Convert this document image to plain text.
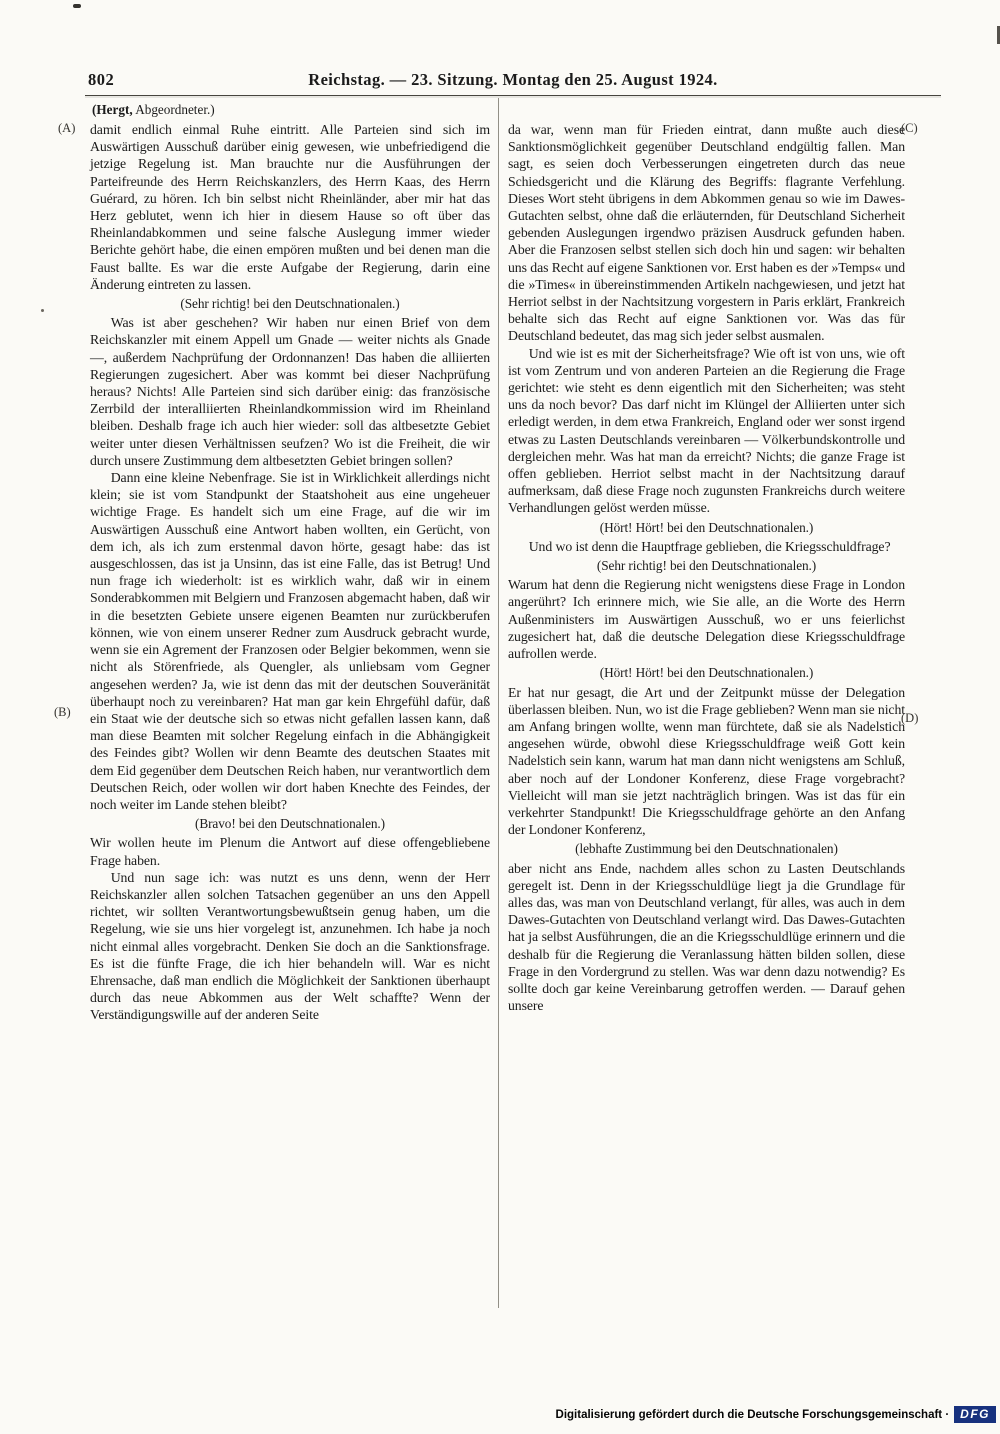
802	Reichstag. — 23. Sitzung. Montag den 25. August 1924.
(Hergt, Abgeordneter.)
(A)
(B)
(C)
(D)

damit endlich einmal Ruhe eintritt. Alle Parteien sind sich im Auswärtigen Ausschuß darüber einig gewesen, wie unbefriedigend die jetzige Regelung ist. Man brauchte nur die Ausführungen der Parteifreunde des Herrn Reichskanzlers, des Herrn Kaas, des Herrn Guérard, zu hören. Ich bin selbst nicht Rheinländer, aber mir hat das Herz geblutet, wenn ich hier in diesem Hause so oft über das Rheinlandabkommen und seine falsche Auslegung immer wieder Berichte gehört habe, die einen empören mußten und bei denen man die Faust ballte. Es war die erste Aufgabe der Regierung, darin eine Änderung eintreten zu lassen.

(Sehr richtig! bei den Deutschnationalen.)

Was ist aber geschehen? Wir haben nur einen Brief von dem Reichskanzler mit einem Appell um Gnade — weiter nichts als Gnade —, außerdem Nachprüfung der Ordonnanzen! Das haben die alliierten Regierungen zugesichert. Aber was kommt bei dieser Nachprüfung heraus? Nichts! Alle Parteien sind sich darüber einig: das französische Zerrbild der interalliierten Rheinlandkommission wird im Rheinland bleiben. Deshalb frage ich auch hier wieder: soll das altbesetzte Gebiet weiter unter diesen Verhältnissen seufzen? Wo ist die Freiheit, die wir durch unsere Zustimmung dem altbesetzten Gebiet bringen sollen?

Dann eine kleine Nebenfrage. Sie ist in Wirklichkeit allerdings nicht klein; sie ist vom Standpunkt der Staatshoheit aus eine ungeheuer wichtige Frage. Es handelt sich um eine Frage, auf die wir im Auswärtigen Ausschuß eine Antwort haben wollten, ein Gerücht, von dem ich, als ich zum erstenmal davon hörte, gesagt habe: das ist ausgeschlossen, das ist ja Unsinn, das ist eine Falle, das ist Betrug! Und nun frage ich wiederholt: ist es wirklich wahr, daß wir in einem Sonderabkommen mit Belgiern und Franzosen abgemacht haben, daß wir in die besetzten Gebiete unsere eigenen Beamten nur zurückberufen können, wie von einem unserer Redner zum Ausdruck gebracht wurde, wenn sie ein Agrement der Franzosen oder Belgier bekommen, wenn sie nicht als Störenfriede, als Quengler, als unliebsam vom Gegner angesehen werden? Ja, wie ist denn das mit der deutschen Souveränität überhaupt noch zu vereinbaren? Hat man gar kein Ehrgefühl dafür, daß ein Staat wie der deutsche sich so etwas nicht gefallen lassen kann, daß man diese Beamten mit solcher Regelung einfach in die Abhängigkeit des Feindes gibt? Wollen wir denn Beamte des deutschen Staates mit dem Eid gegenüber dem Deutschen Reich haben, nur verantwortlich dem Deutschen Reich, oder wollen wir dort haben Knechte des Feindes, der noch weiter im Lande stehen bleibt?

(Bravo! bei den Deutschnationalen.)

Wir wollen heute im Plenum die Antwort auf diese offengebliebene Frage haben.

Und nun sage ich: was nutzt es uns denn, wenn der Herr Reichskanzler allen solchen Tatsachen gegenüber an uns den Appell richtet, wir sollten Verantwortungsbewußtsein genug haben, um die Regelung, wie sie uns hier vorgelegt ist, anzunehmen. Ich habe ja noch nicht einmal alles vorgebracht. Denken Sie doch an die Sanktionsfrage. Es ist die fünfte Frage, die ich hier behandeln will. War es nicht Ehrensache, daß man endlich die Möglichkeit der Sanktionen überhaupt durch das neue Abkommen aus der Welt schaffte? Wenn der Verständigungswille auf der anderen Seite

da war, wenn man für Frieden eintrat, dann mußte auch diese Sanktionsmöglichkeit gegenüber Deutschland endgültig fallen. Man sagt, es seien doch Verbesserungen eingetreten durch das neue Schiedsgericht und die Klärung des Begriffs: flagrante Verfehlung. Dieses Wort steht übrigens in dem Abkommen genau so wie im Dawes-Gutachten selbst, ohne daß die erläuternden, für Deutschland Sicherheit gebenden Auslegungen irgendwo präzisen Ausdruck gefunden haben. Aber die Franzosen selbst stellen sich doch hin und sagen: wir behalten uns das Recht auf eigene Sanktionen vor. Erst haben es der »Temps« und die »Times« in übereinstimmenden Artikeln nachgewiesen, und jetzt hat Herriot selbst in der Nachtsitzung vorgestern in Paris erklärt, Frankreich behalte sich das Recht auf eigne Sanktionen vor. Was das für Deutschland bedeutet, das mag sich jeder selbst ausmalen.

Und wie ist es mit der Sicherheitsfrage? Wie oft ist von uns, wie oft ist vom Zentrum und von anderen Parteien an die Regierung die Frage gerichtet: wie steht es denn eigentlich mit den Sicherheiten; was steht uns da noch bevor? Das darf nicht im Klüngel der Alliierten unter sich erledigt werden, in dem etwa Frankreich, England oder wer sonst irgend etwas zu Lasten Deutschlands vereinbaren — Völkerbundskontrolle und dergleichen mehr. Was hat man da erreicht? Nichts; die ganze Frage ist offen geblieben. Herriot selbst macht in der Nachtsitzung darauf aufmerksam, daß diese Frage noch zugunsten Frankreichs durch weitere Verhandlungen gelöst werden müsse.

(Hört! Hört! bei den Deutschnationalen.)

Und wo ist denn die Hauptfrage geblieben, die Kriegsschuldfrage?

(Sehr richtig! bei den Deutschnationalen.)

Warum hat denn die Regierung nicht wenigstens diese Frage in London angerührt? Ich erinnere mich, wie Sie alle, an die Worte des Herrn Außenministers im Auswärtigen Ausschuß, wo er uns feierlichst zugesichert hat, daß die deutsche Delegation diese Kriegsschuldfrage aufrollen werde.

(Hört! Hört! bei den Deutschnationalen.)

Er hat nur gesagt, die Art und der Zeitpunkt müsse der Delegation überlassen bleiben. Nun, wo ist die Frage geblieben? Wenn man sie nicht am Anfang bringen wollte, wenn man fürchtete, daß sie als Nadelstich angesehen würde, obwohl diese Kriegsschuldfrage weiß Gott kein Nadelstich sein kann, warum hat man dann nicht wenigstens am Schluß, aber noch auf der Londoner Konferenz, diese Frage vorgebracht? Vielleicht will man sie jetzt nachträglich bringen. Was ist das für ein verkehrter Standpunkt! Die Kriegsschuldfrage gehörte an den Anfang der Londoner Konferenz,

(lebhafte Zustimmung bei den Deutschnationalen)

aber nicht ans Ende, nachdem alles schon zu Lasten Deutschlands geregelt ist. Denn in der Kriegsschuldlüge liegt ja die Grundlage für alles das, was man von Deutschland verlangt, für alles, was auch in dem Dawes-Gutachten von Deutschland verlangt wird. Das Dawes-Gutachten hat ja selbst Ausführungen, die an die Kriegsschuldlüge erinnern und die deshalb für die Regierung die Veranlassung hätten bilden sollen, diese Frage in den Vordergrund zu stellen. Was war denn dazu notwendig? Es sollte doch gar keine Vereinbarung getroffen werden. — Darauf gehen unsere

Digitalisierung gefördert durch die Deutsche Forschungsgemeinschaft · DFG
